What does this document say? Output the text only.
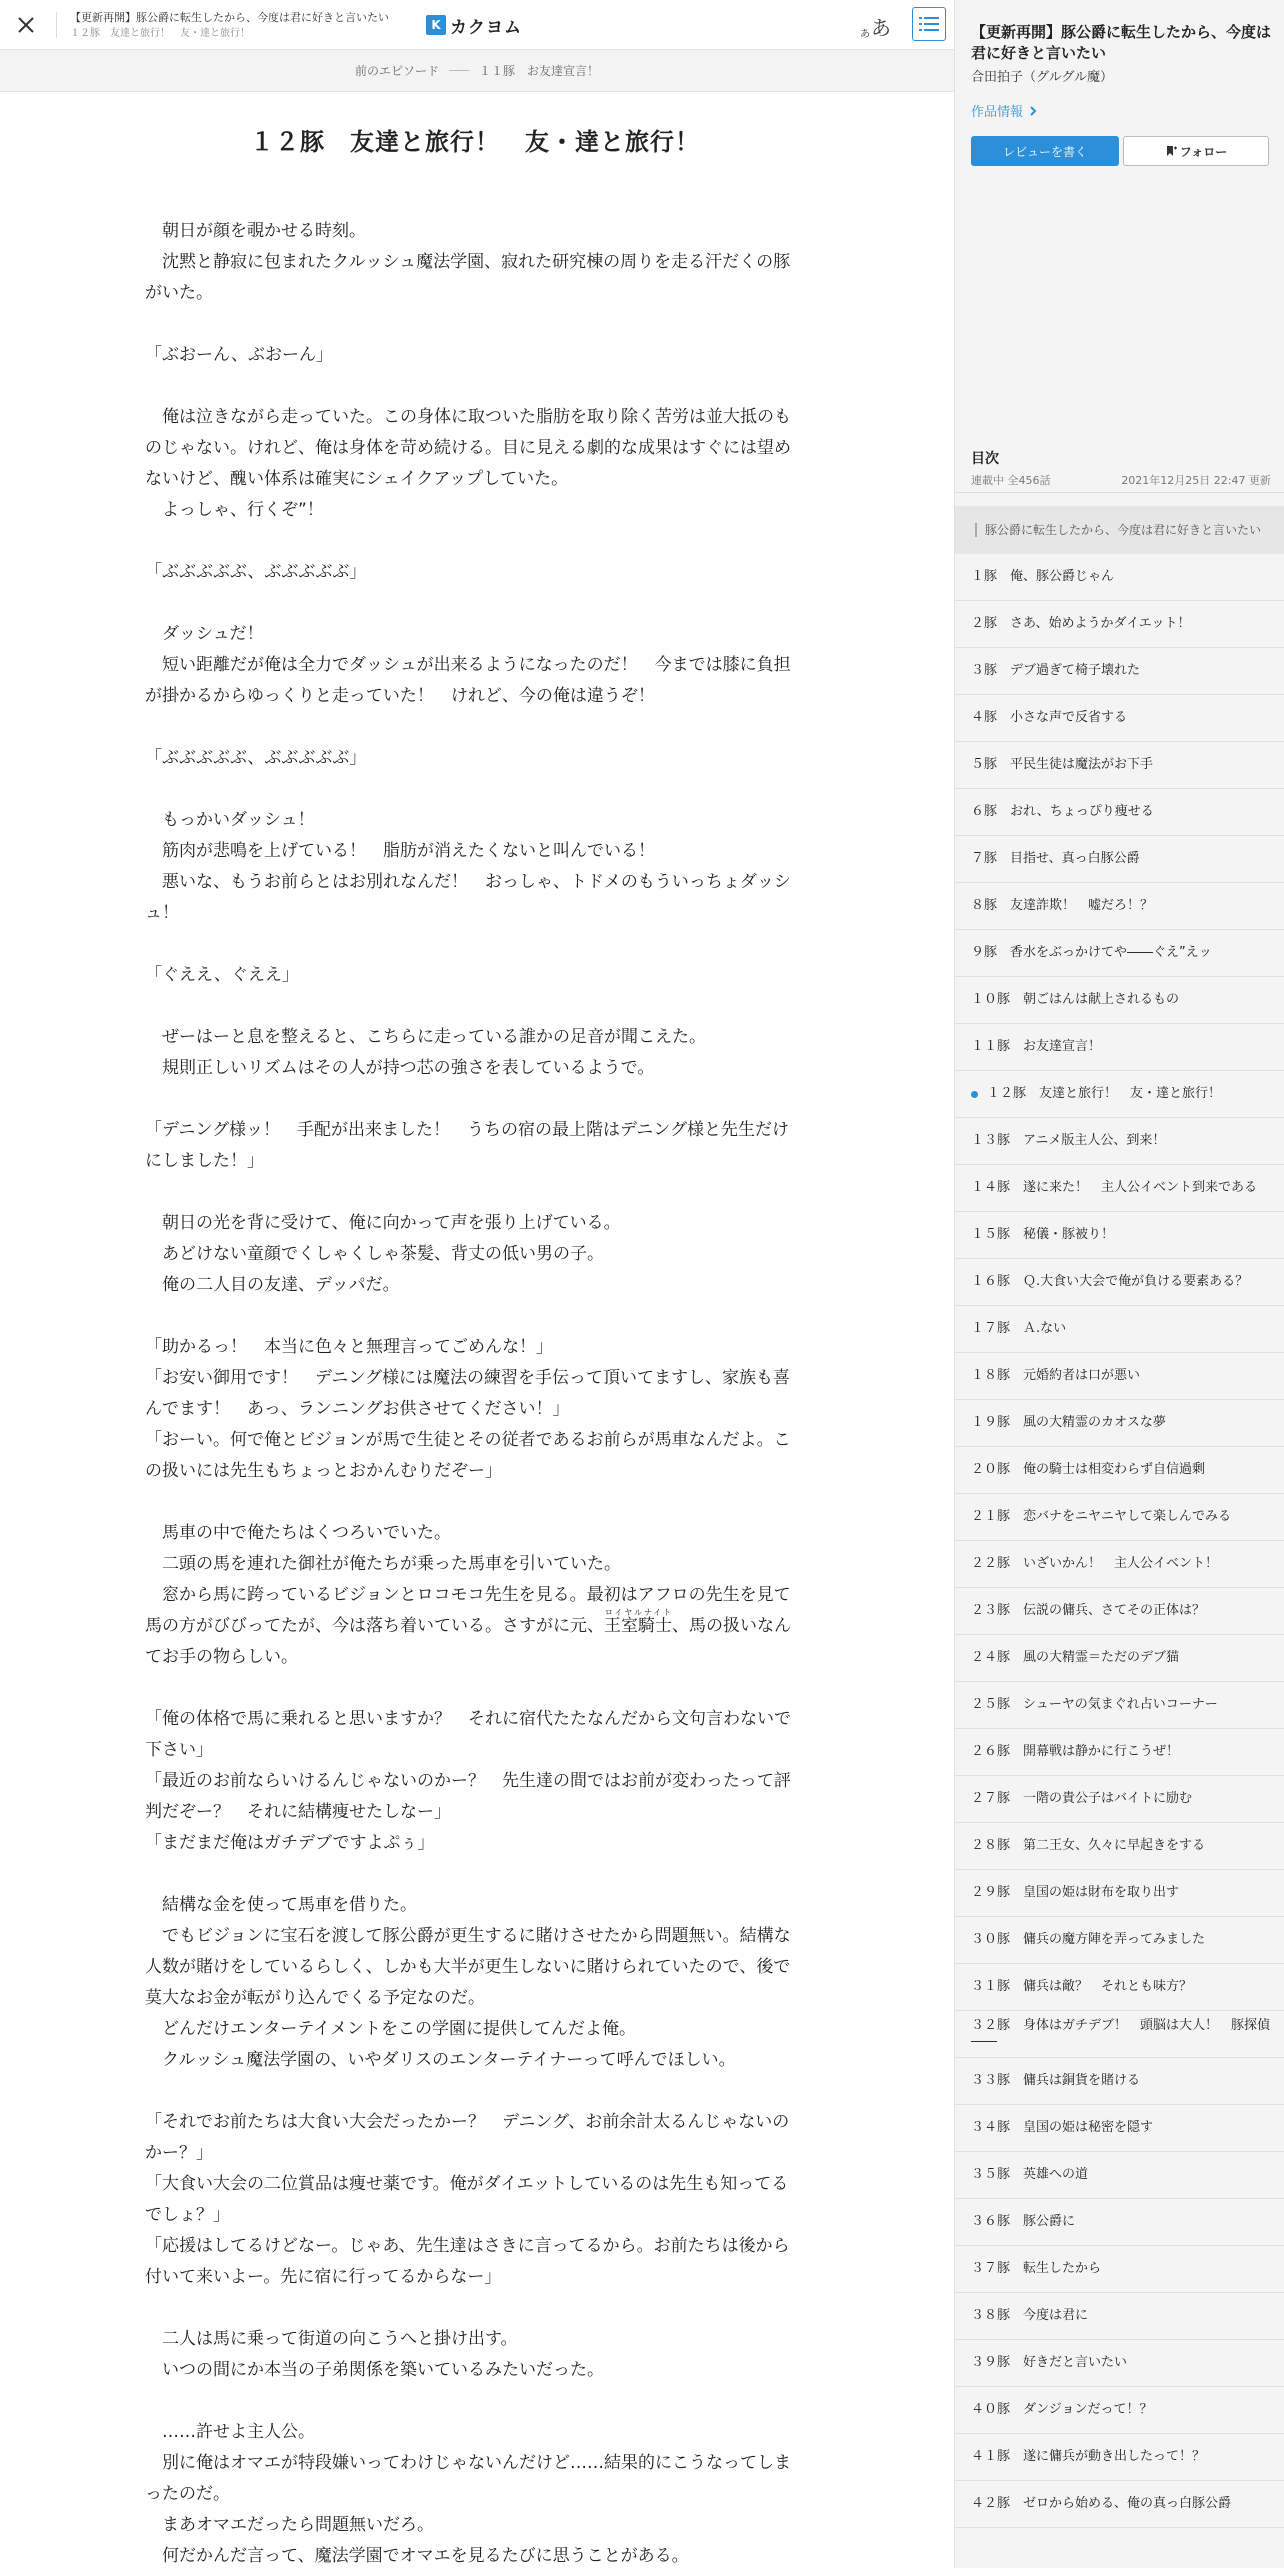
【更新再開】豚公爵に転生したから、今度は君に好きと言いたい
１２豚　友達と旅行！　友・達と旅行！
K カクヨム	あ あ
前のエピソード	１１豚　お友達宣言！
１２豚　友達と旅行！　友・達と旅行！

　朝日が顔を覗かせる時刻。

　沈黙と静寂に包まれたクルッシュ魔法学園、寂れた研究棟の周りを走る汗だくの豚がいた。

「ぶおーん、ぶおーん」

　俺は泣きながら走っていた。この身体に取ついた脂肪を取り除く苦労は並大抵のものじゃない。けれど、俺は身体を苛め続ける。目に見える劇的な成果はすぐには望めないけど、醜い体系は確実にシェイクアップしていた。

　よっしゃ、行くぞ”！

「ぶぶぶぶぶ、ぶぶぶぶぶ」

　ダッシュだ！

　短い距離だが俺は全力でダッシュが出来るようになったのだ！　今までは膝に負担が掛かるからゆっくりと走っていた！　けれど、今の俺は違うぞ！

「ぶぶぶぶぶ、ぶぶぶぶぶ」

　もっかいダッシュ！

　筋肉が悲鳴を上げている！　脂肪が消えたくないと叫んでいる！

　悪いな、もうお前らとはお別れなんだ！　おっしゃ、トドメのもういっちょダッシュ！

「ぐええ、ぐええ」

　ぜーはーと息を整えると、こちらに走っている誰かの足音が聞こえた。

　規則正しいリズムはその人が持つ芯の強さを表しているようで。

「デニング様ッ！　手配が出来ました！　うちの宿の最上階はデニング様と先生だけにしました！」

　朝日の光を背に受けて、俺に向かって声を張り上げている。

　あどけない童顔でくしゃくしゃ茶髪、背丈の低い男の子。

　俺の二人目の友達、デッパだ。

「助かるっ！　本当に色々と無理言ってごめんな！」

「お安い御用です！　デニング様には魔法の練習を手伝って頂いてますし、家族も喜んでます！　あっ、ランニングお供させてください！」

「おーい。何で俺とビジョンが馬で生徒とその従者であるお前らが馬車なんだよ。この扱いには先生もちょっとおかんむりだぞー」

　馬車の中で俺たちはくつろいでいた。

　二頭の馬を連れた御社が俺たちが乗った馬車を引いていた。

　窓から馬に跨っているビジョンとロコモコ先生を見る。最初はアフロの先生を見て馬の方がびびってたが、今は落ち着いている。さすがに元、王室騎士ロイヤルナイト、馬の扱いなんてお手の物らしい。

「俺の体格で馬に乗れると思いますか？　それに宿代たたなんだから文句言わないで下さい」

「最近のお前ならいけるんじゃないのかー？　先生達の間ではお前が変わったって評判だぞー？　それに結構痩せたしなー」

「まだまだ俺はガチデブですよぷぅ」

　結構な金を使って馬車を借りた。

　でもビジョンに宝石を渡して豚公爵が更生するに賭けさせたから問題無い。結構な人数が賭けをしているらしく、しかも大半が更生しないに賭けられていたので、後で莫大なお金が転がり込んでくる予定なのだ。

　どんだけエンターテイメントをこの学園に提供してんだよ俺。

　クルッシュ魔法学園の、いやダリスのエンターテイナーって呼んでほしい。

「それでお前たちは大食い大会だったかー？　デニング、お前余計太るんじゃないのかー？」

「大食い大会の二位賞品は痩せ薬です。俺がダイエットしているのは先生も知ってるでしょ？」

「応援はしてるけどなー。じゃあ、先生達はさきに言ってるから。お前たちは後から付いて来いよー。先に宿に行ってるからなー」

　二人は馬に乗って街道の向こうへと掛け出す。

　いつの間にか本当の子弟関係を築いているみたいだった。

　……許せよ主人公。

　別に俺はオマエが特段嫌いってわけじゃないんだけど……結果的にこうなってしまったのだ。

　まあオマエだったら問題無いだろ。

　何だかんだ言って、魔法学園でオマエを見るたびに思うことがある。

【更新再開】豚公爵に転生したから、今度は君に好きと言いたい
合田拍子（グルグル魔）
作品情報
レビューを書く	フォロー
目次
連載中 全456話	2021年12月25日 22:47 更新
豚公爵に転生したから、今度は君に好きと言いたい
１豚　俺、豚公爵じゃん
２豚　さあ、始めようかダイエット！
３豚　デブ過ぎて椅子壊れた
４豚　小さな声で反省する
５豚　平民生徒は魔法がお下手
６豚　おれ、ちょっぴり痩せる
７豚　目指せ、真っ白豚公爵
８豚　友達詐欺！　嘘だろ！？
９豚　香水をぶっかけてや――ぐえ”えッ
１０豚　朝ごはんは献上されるもの
１１豚　お友達宣言！
１２豚　友達と旅行！　友・達と旅行！
１３豚　アニメ版主人公、到来！
１４豚　遂に来た！　主人公イベント到来である
１５豚　秘儀・豚被り！
１６豚　Ｑ.大食い大会で俺が負ける要素ある？
１７豚　Ａ.ない
１８豚　元婚約者は口が悪い
１９豚　風の大精霊のカオスな夢
２０豚　俺の騎士は相変わらず自信過剰
２１豚　恋バナをニヤニヤして楽しんでみる
２２豚　いざいかん！　主人公イベント！
２３豚　伝説の傭兵、さてその正体は？
２４豚　風の大精霊＝ただのデブ猫
２５豚　シューヤの気まぐれ占いコーナー
２６豚　開幕戦は静かに行こうぜ！
２７豚　一階の貴公子はバイトに励む
２８豚　第二王女、久々に早起きをする
２９豚　皇国の姫は財布を取り出す
３０豚　傭兵の魔方陣を弄ってみました
３１豚　傭兵は敵？　それとも味方？
３２豚　身体はガチデブ！　頭脳は大人！　豚探偵――
３３豚　傭兵は銅貨を賭ける
３４豚　皇国の姫は秘密を隠す
３５豚　英雄への道
３６豚　豚公爵に
３７豚　転生したから
３８豚　今度は君に
３９豚　好きだと言いたい
４０豚　ダンジョンだって！？
４１豚　遂に傭兵が動き出したって！？
４２豚　ゼロから始める、俺の真っ白豚公爵
